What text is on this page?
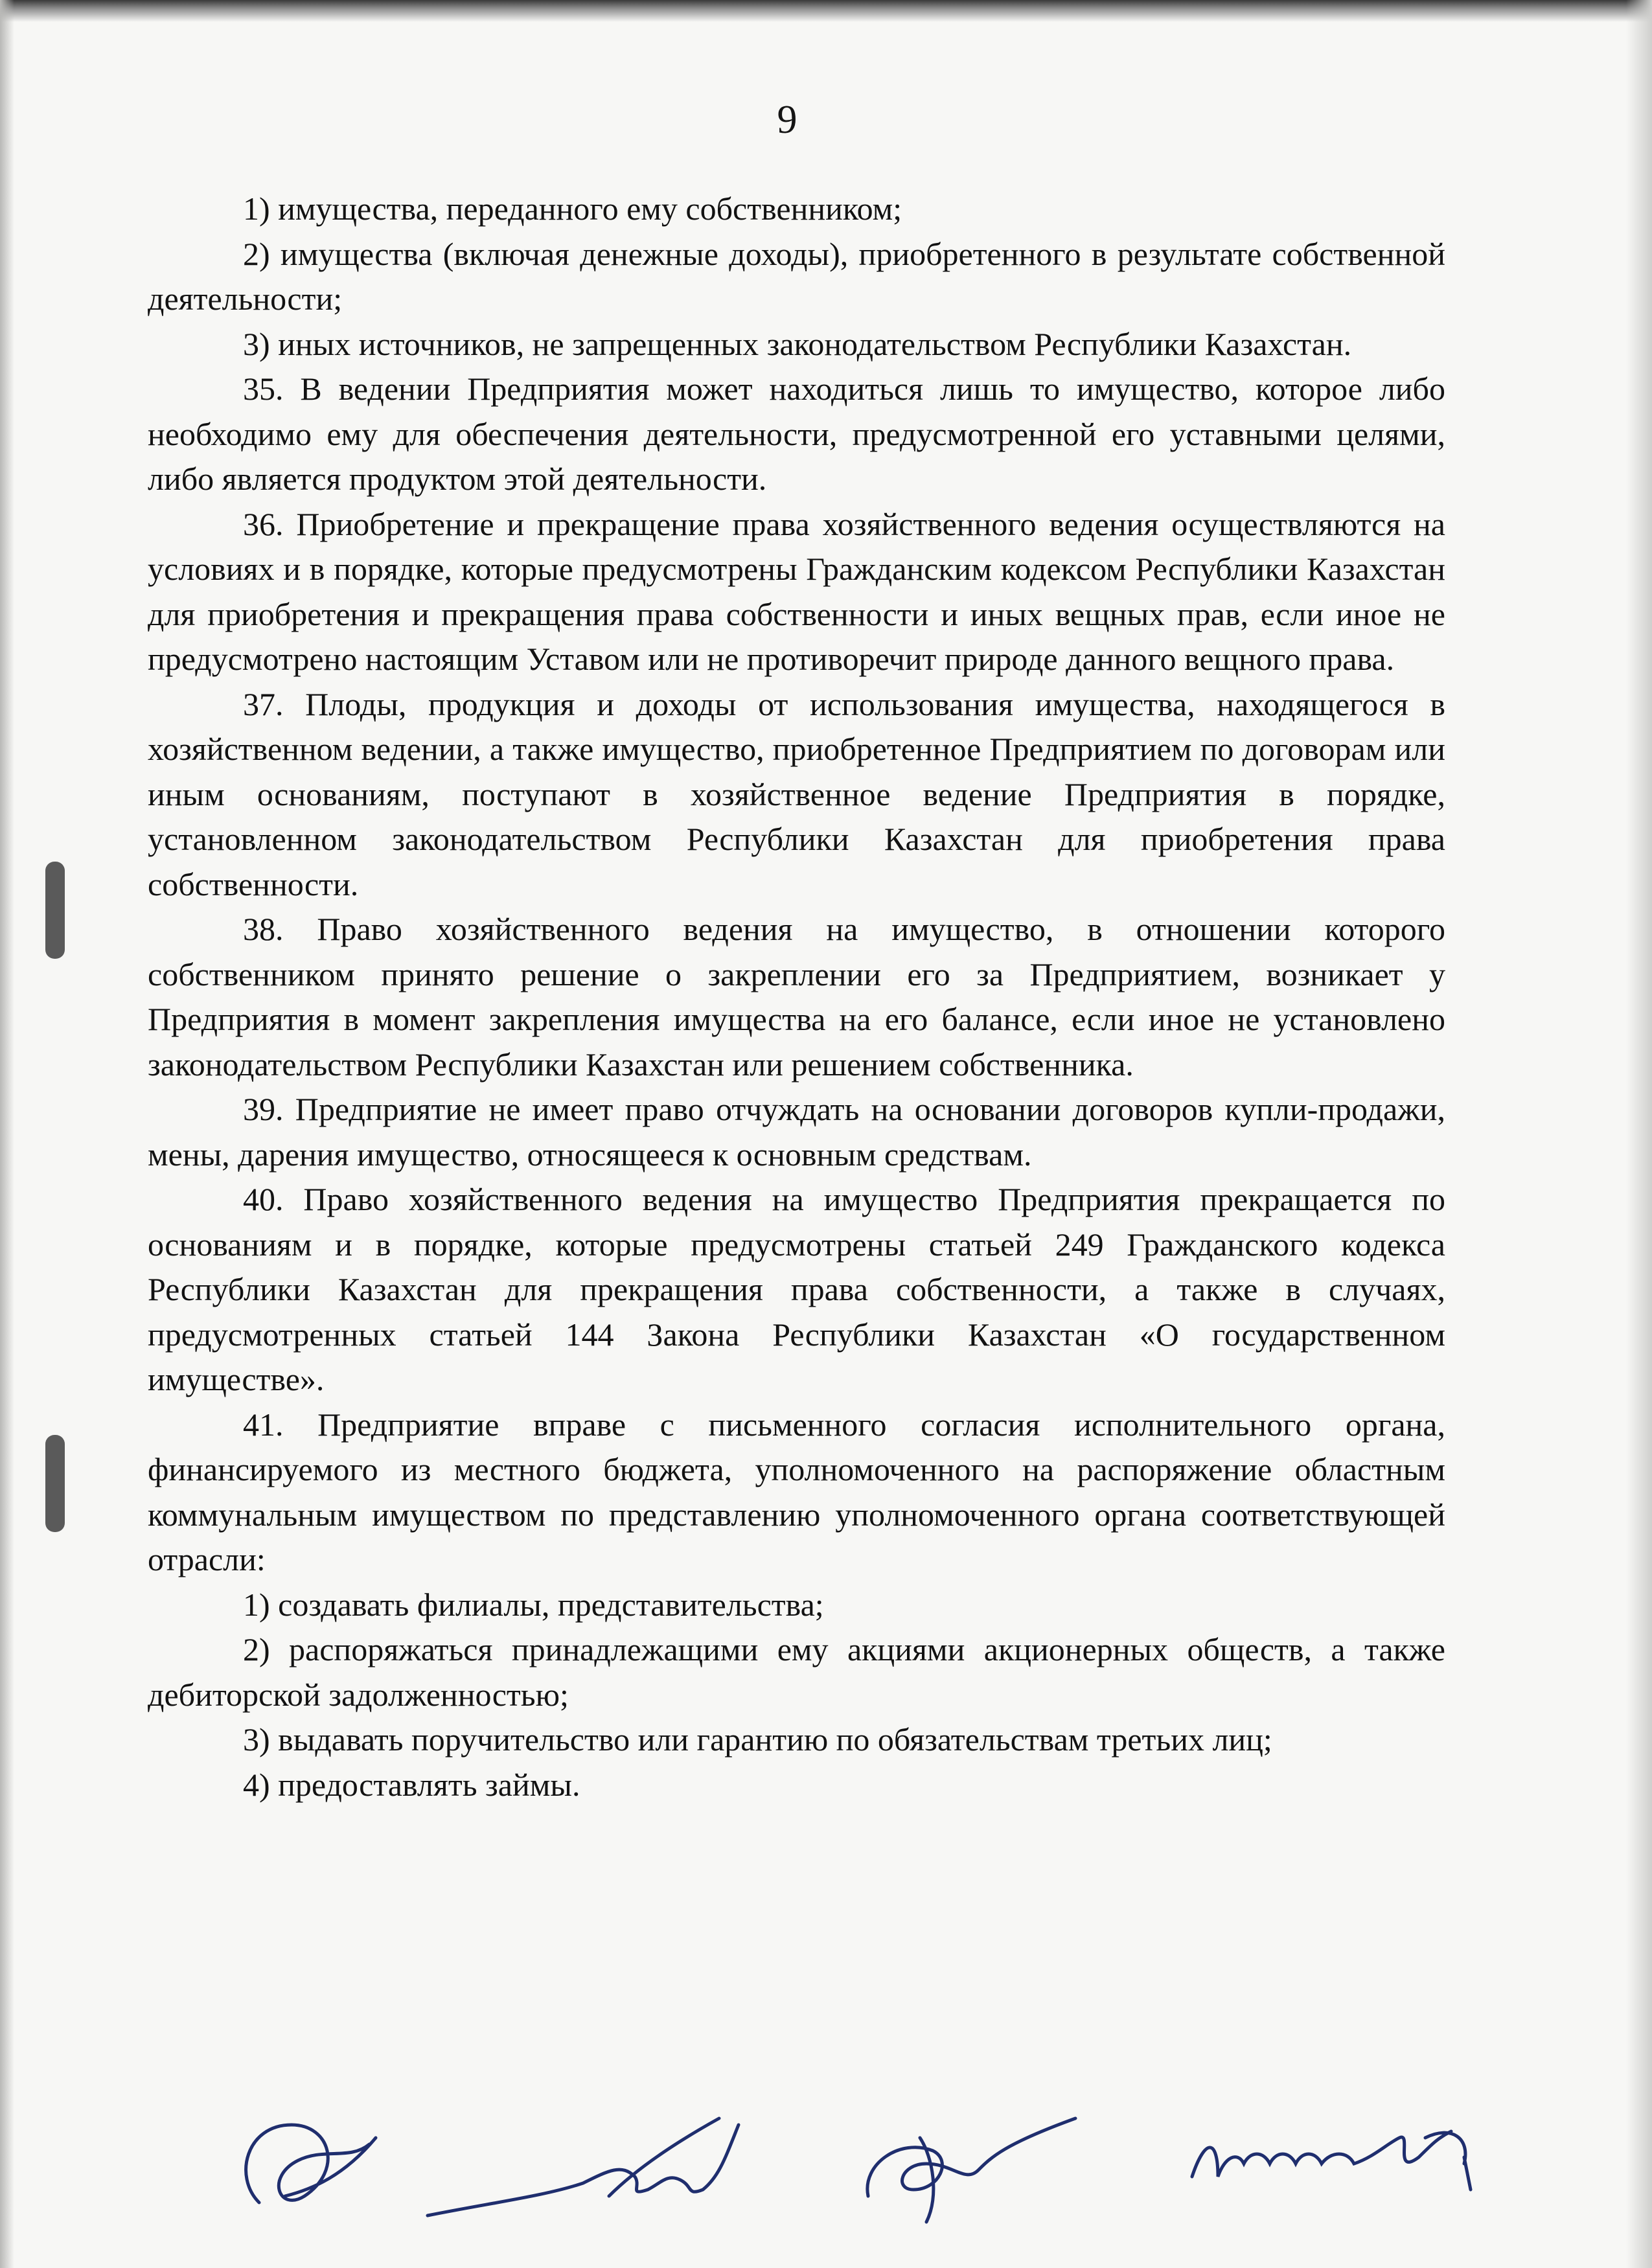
9

1) имущества, переданного ему собственником;

2) имущества (включая денежные доходы), приобретенного в результате собственной деятельности;

3) иных источников, не запрещенных законодательством Республики Казахстан.

35. В ведении Предприятия может находиться лишь то имущество, которое либо необходимо ему для обеспечения деятельности, предусмотренной его уставными целями, либо является продуктом этой деятельности.

36. Приобретение и прекращение права хозяйственного ведения осуществляются на условиях и в порядке, которые предусмотрены Гражданским кодексом Республики Казахстан для приобретения и прекращения права собственности и иных вещных прав, если иное не предусмотрено настоящим Уставом или не противоречит природе данного вещного права.

37. Плоды, продукция и доходы от использования имущества, находящегося в хозяйственном ведении, а также имущество, приобретенное Предприятием по договорам или иным основаниям, поступают в хозяйственное ведение Предприятия в порядке, установленном законодательством Республики Казахстан для приобретения права собственности.

38. Право хозяйственного ведения на имущество, в отношении которого собственником принято решение о закреплении его за Предприятием, возникает у Предприятия в момент закрепления имущества на его балансе, если иное не установлено законодательством Республики Казахстан или решением собственника.

39. Предприятие не имеет право отчуждать на основании договоров купли-продажи, мены, дарения имущество, относящееся к основным средствам.

40. Право хозяйственного ведения на имущество Предприятия прекращается по основаниям и в порядке, которые предусмотрены статьей 249 Гражданского кодекса Республики Казахстан для прекращения права собственности, а также в случаях, предусмотренных статьей 144 Закона Республики Казахстан «О государственном имуществе».

41. Предприятие вправе с письменного согласия исполнительного органа, финансируемого из местного бюджета, уполномоченного на распоряжение областным коммунальным имуществом по представлению уполномоченного органа соответствующей отрасли:

1) создавать филиалы, представительства;

2) распоряжаться принадлежащими ему акциями акционерных обществ, а также дебиторской задолженностью;

3) выдавать поручительство или гарантию по обязательствам третьих лиц;

4) предоставлять займы.
